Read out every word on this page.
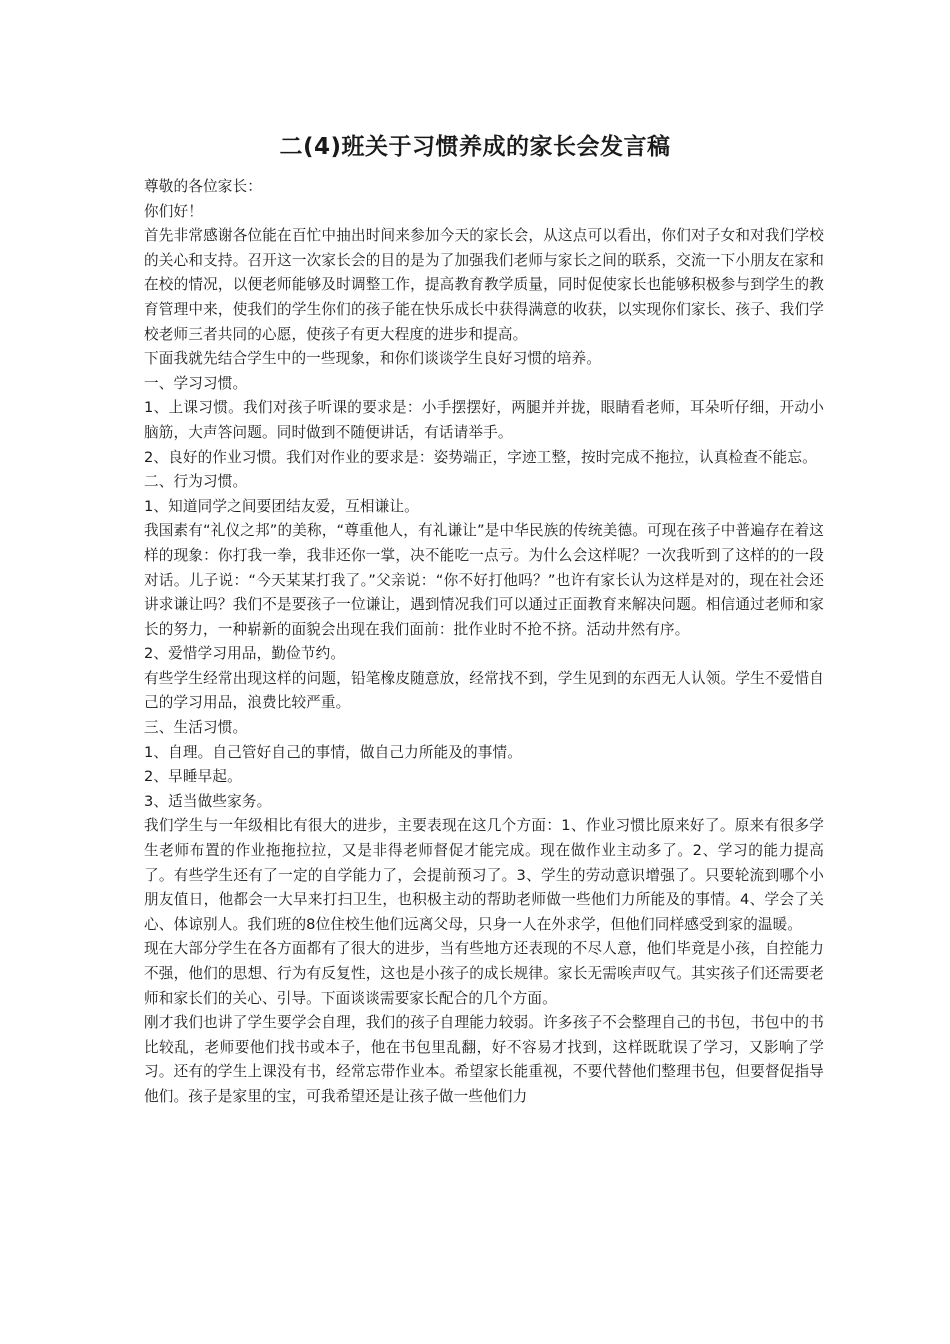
二(4)班关于习惯养成的家长会发言稿

尊敬的各位家长：

你们好！

首先非常感谢各位能在百忙中抽出时间来参加今天的家长会，从这点可以看出，你们对子女和对我们学校的关心和支持。召开这一次家长会的目的是为了加强我们老师与家长之间的联系，交流一下小朋友在家和在校的情况，以便老师能够及时调整工作，提高教育教学质量，同时促使家长也能够积极参与到学生的教育管理中来，使我们的学生你们的孩子能在快乐成长中获得满意的收获，以实现你们家长、孩子、我们学校老师三者共同的心愿，使孩子有更大程度的进步和提高。

下面我就先结合学生中的一些现象，和你们谈谈学生良好习惯的培养。

一、学习习惯。

1、上课习惯。我们对孩子听课的要求是：小手摆摆好，两腿并并拢，眼睛看老师，耳朵听仔细，开动小脑筋，大声答问题。同时做到不随便讲话，有话请举手。

2、良好的作业习惯。我们对作业的要求是：姿势端正，字迹工整，按时完成不拖拉，认真检查不能忘。

二、行为习惯。

1、知道同学之间要团结友爱，互相谦让。

我国素有“礼仪之邦”的美称，“尊重他人，有礼谦让”是中华民族的传统美德。可现在孩子中普遍存在着这样的现象：你打我一拳，我非还你一掌，决不能吃一点亏。为什么会这样呢？一次我听到了这样的的一段对话。儿子说：“今天某某打我了。”父亲说：“你不好打他吗？”也许有家长认为这样是对的，现在社会还讲求谦让吗？我们不是要孩子一位谦让，遇到情况我们可以通过正面教育来解决问题。相信通过老师和家长的努力，一种崭新的面貌会出现在我们面前：批作业时不抢不挤。活动井然有序。

2、爱惜学习用品，勤俭节约。

有些学生经常出现这样的问题，铅笔橡皮随意放，经常找不到，学生见到的东西无人认领。学生不爱惜自己的学习用品，浪费比较严重。

三、生活习惯。

1、自理。自己管好自己的事情，做自己力所能及的事情。

2、早睡早起。

3、适当做些家务。

我们学生与一年级相比有很大的进步，主要表现在这几个方面：1、作业习惯比原来好了。原来有很多学生老师布置的作业拖拖拉拉，又是非得老师督促才能完成。现在做作业主动多了。2、学习的能力提高了。有些学生还有了一定的自学能力了，会提前预习了。3、学生的劳动意识增强了。只要轮流到哪个小朋友值日，他都会一大早来打扫卫生，也积极主动的帮助老师做一些他们力所能及的事情。4、学会了关心、体谅别人。我们班的8位住校生他们远离父母，只身一人在外求学，但他们同样感受到家的温暖。

现在大部分学生在各方面都有了很大的进步，当有些地方还表现的不尽人意，他们毕竟是小孩，自控能力不强，他们的思想、行为有反复性，这也是小孩子的成长规律。家长无需唉声叹气。其实孩子们还需要老师和家长们的关心、引导。下面谈谈需要家长配合的几个方面。

刚才我们也讲了学生要学会自理，我们的孩子自理能力较弱。许多孩子不会整理自己的书包，书包中的书比较乱，老师要他们找书或本子，他在书包里乱翻，好不容易才找到，这样既耽误了学习，又影响了学习。还有的学生上课没有书，经常忘带作业本。希望家长能重视，不要代替他们整理书包，但要督促指导他们。孩子是家里的宝，可我希望还是让孩子做一些他们力
